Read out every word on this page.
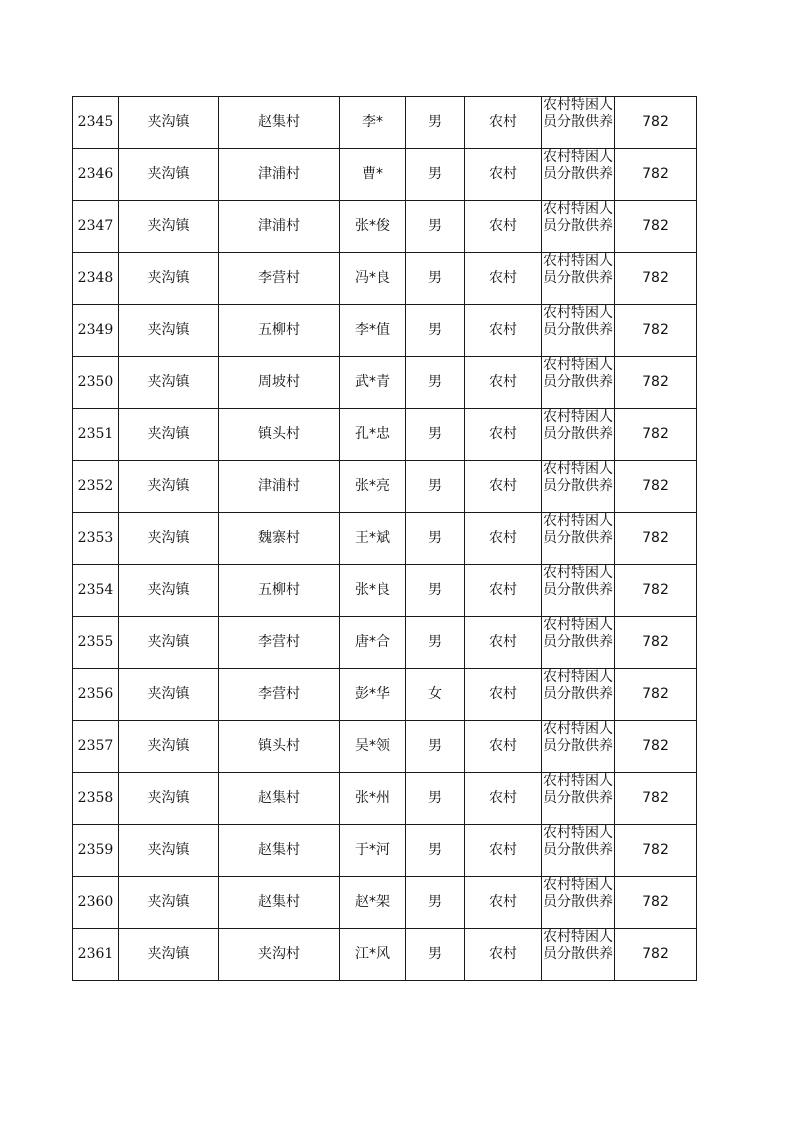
2345	夹沟镇	赵集村	李*	男	农村	农村特困人员分散供养	782
2346	夹沟镇	津浦村	曹*	男	农村	农村特困人员分散供养	782
2347	夹沟镇	津浦村	张*俊	男	农村	农村特困人员分散供养	782
2348	夹沟镇	李营村	冯*良	男	农村	农村特困人员分散供养	782
2349	夹沟镇	五柳村	李*值	男	农村	农村特困人员分散供养	782
2350	夹沟镇	周坡村	武*青	男	农村	农村特困人员分散供养	782
2351	夹沟镇	镇头村	孔*忠	男	农村	农村特困人员分散供养	782
2352	夹沟镇	津浦村	张*亮	男	农村	农村特困人员分散供养	782
2353	夹沟镇	魏寨村	王*斌	男	农村	农村特困人员分散供养	782
2354	夹沟镇	五柳村	张*良	男	农村	农村特困人员分散供养	782
2355	夹沟镇	李营村	唐*合	男	农村	农村特困人员分散供养	782
2356	夹沟镇	李营村	彭*华	女	农村	农村特困人员分散供养	782
2357	夹沟镇	镇头村	吴*领	男	农村	农村特困人员分散供养	782
2358	夹沟镇	赵集村	张*州	男	农村	农村特困人员分散供养	782
2359	夹沟镇	赵集村	于*河	男	农村	农村特困人员分散供养	782
2360	夹沟镇	赵集村	赵*架	男	农村	农村特困人员分散供养	782
2361	夹沟镇	夹沟村	江*风	男	农村	农村特困人员分散供养	782
